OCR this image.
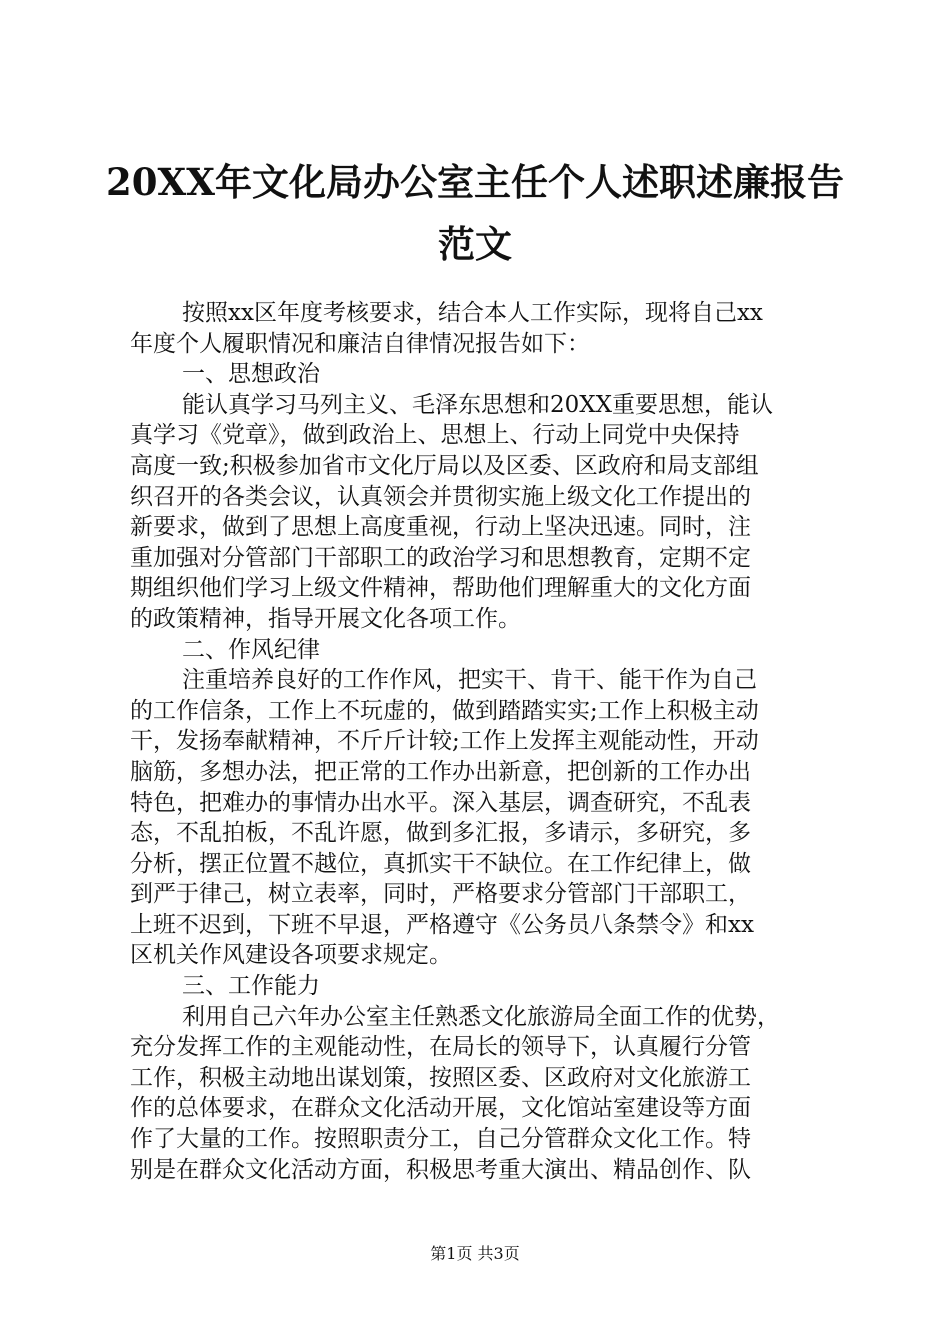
20XX年文化局办公室主任个人述职述廉报告
范文
按照xx区年度考核要求，结合本人工作实际，现将自己xx
年度个人履职情况和廉洁自律情况报告如下：
一、思想政治
能认真学习马列主义、毛泽东思想和20XX重要思想，能认
真学习《党章》，做到政治上、思想上、行动上同党中央保持
高度一致;积极参加省市文化厅局以及区委、区政府和局支部组
织召开的各类会议，认真领会并贯彻实施上级文化工作提出的
新要求，做到了思想上高度重视，行动上坚决迅速。同时，注
重加强对分管部门干部职工的政治学习和思想教育，定期不定
期组织他们学习上级文件精神，帮助他们理解重大的文化方面
的政策精神，指导开展文化各项工作。
二、作风纪律
注重培养良好的工作作风，把实干、肯干、能干作为自己
的工作信条，工作上不玩虚的，做到踏踏实实;工作上积极主动
干，发扬奉献精神，不斤斤计较;工作上发挥主观能动性，开动
脑筋，多想办法，把正常的工作办出新意，把创新的工作办出
特色，把难办的事情办出水平。深入基层，调查研究，不乱表
态，不乱拍板，不乱许愿，做到多汇报，多请示，多研究，多
分析，摆正位置不越位，真抓实干不缺位。在工作纪律上，做
到严于律己，树立表率，同时，严格要求分管部门干部职工，
上班不迟到，下班不早退，严格遵守《公务员八条禁令》和xx
区机关作风建设各项要求规定。
三、工作能力
利用自己六年办公室主任熟悉文化旅游局全面工作的优势，
充分发挥工作的主观能动性，在局长的领导下，认真履行分管
工作，积极主动地出谋划策，按照区委、区政府对文化旅游工
作的总体要求，在群众文化活动开展，文化馆站室建设等方面
作了大量的工作。按照职责分工，自己分管群众文化工作。特
别是在群众文化活动方面，积极思考重大演出、精品创作、队
第1页 共3页
